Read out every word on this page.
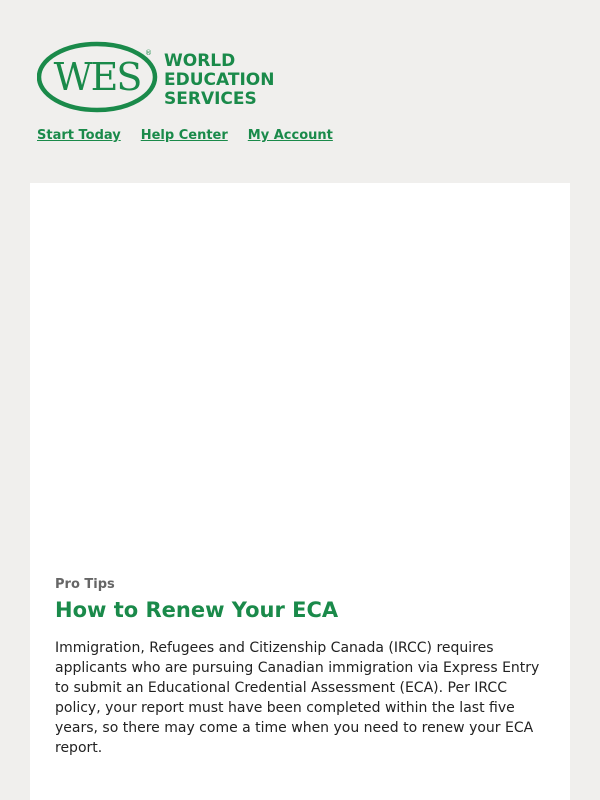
WES
® WORLD
EDUCATION
SERVICES
Start Today Help Center My Account
Pro Tips
How to Renew Your ECA

Immigration, Refugees and Citizenship Canada (IRCC) requires applicants who are pursuing Canadian immigration via Express Entry to submit an Educational Credential Assessment (ECA). Per IRCC policy, your report must have been completed within the last five years, so there may come a time when you need to renew your ECA report.
